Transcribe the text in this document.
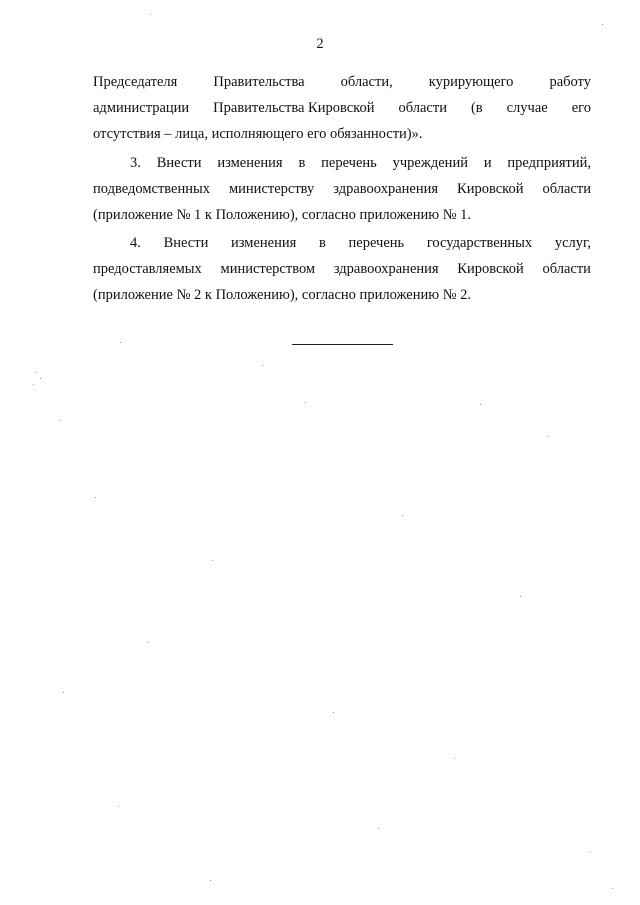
2
Председателя Правительства области, курирующего работу
администрации Правительства Кировской области (в случае его
отсутствия – лица, исполняющего его обязанности)».
3. Внести изменения в перечень учреждений и предприятий,
подведомственных министерству здравоохранения Кировской области
(приложение № 1 к Положению), согласно приложению № 1.
4. Внести изменения в перечень государственных услуг,
предоставляемых министерством здравоохранения Кировской области
(приложение № 2 к Положению), согласно приложению № 2.
